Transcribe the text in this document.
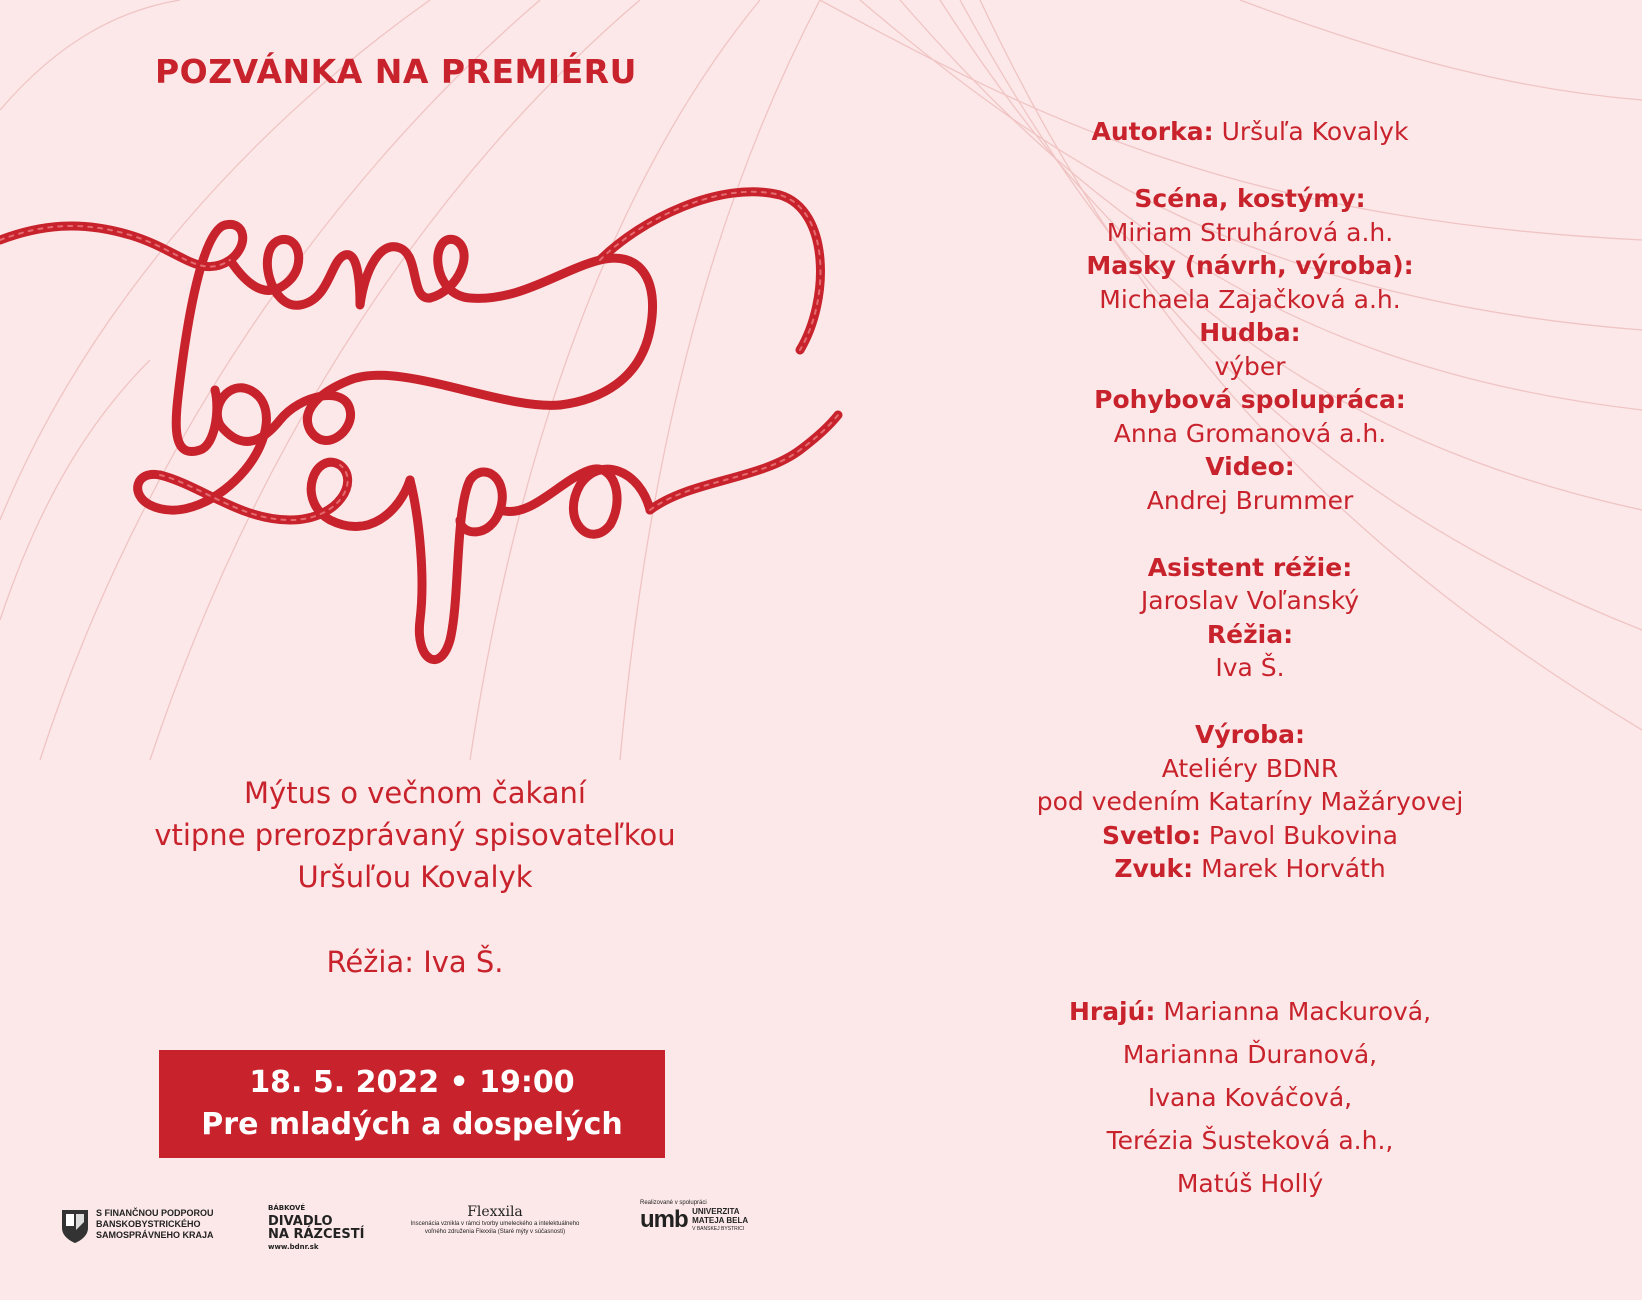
POZVÁNKA NA PREMIÉRU
Mýtus o večnom čakaní
vtipne prerozprávaný spisovateľkou
Uršuľou Kovalyk
Réžia: Iva Š.
18. 5. 2022 • 19:00
Pre mladých a dospelých
Autorka: Uršuľa Kovalyk
Scéna, kostýmy:
Miriam Struhárová a.h.
Masky (návrh, výroba):
Michaela Zajačková a.h.
Hudba:
výber
Pohybová spolupráca:
Anna Gromanová a.h.
Video:
Andrej Brummer
Asistent réžie:
Jaroslav Voľanský
Réžia:
Iva Š.
Výroba:
Ateliéry BDNR
pod vedením Kataríny Mažáryovej
Svetlo: Pavol Bukovina
Zvuk: Marek Horváth
Hrajú: Marianna Mackurová,
Marianna Ďuranová,
Ivana Kováčová,
Terézia Šusteková a.h.,
Matúš Hollý
S FINANČNOU PODPOROU
BANSKOBYSTRICKÉHO
SAMOSPRÁVNEHO KRAJA
BÁBKOVÉ
DIVADLO
NA RÁZCESTÍ
www.bdnr.sk
Flexxila
Inscenácia vznikla v rámci tvorby umeleckého a intelektuálneho
voľného združenia Flexxila (Staré mýty v súčasnosti)
Realizované v spolupráci
umb UNIVERZITA
MATEJA BELA
V BANSKEJ BYSTRICI
